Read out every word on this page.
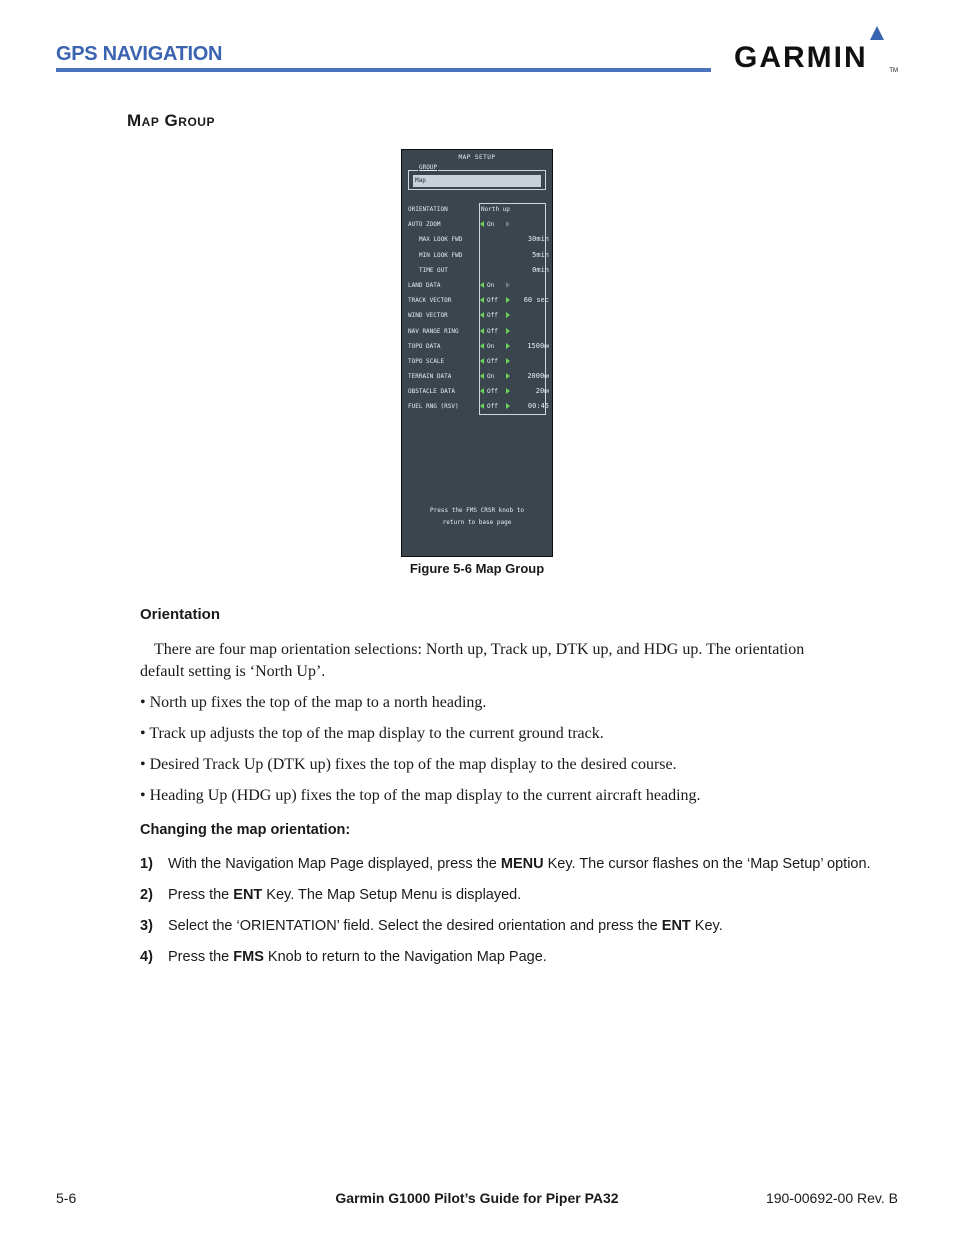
GPS NAVIGATION	GARMIN	TM
Map Group
MAP SETUP
GROUP
Map
ORIENTATION	North up
AUTO ZOOM	On
MAX LOOK FWD	30min
MIN LOOK FWD	5min
TIME OUT	0min
LAND DATA	On
TRACK VECTOR	Off	60 sec
WIND VECTOR	Off
NAV RANGE RING	Off
TOPO DATA	On	1500NM
TOPO SCALE	Off
TERRAIN DATA	On	2000NM
OBSTACLE DATA	Off	20NM
FUEL RNG (RSV)	Off	00:45
Press the FMS CRSR knob to
return to base page
Figure 5-6 Map Group
Orientation
There are four map orientation selections: North up, Track up, DTK up, and HDG up. The orientation default setting is ‘North Up’.
• North up fixes the top of the map to a north heading.
• Track up adjusts the top of the map display to the current ground track.
• Desired Track Up (DTK up) fixes the top of the map display to the desired course.
• Heading Up (HDG up) fixes the top of the map display to the current aircraft heading.
Changing the map orientation:
1) With the Navigation Map Page displayed, press the MENU Key. The cursor flashes on the ‘Map Setup’ option.
2) Press the ENT Key. The Map Setup Menu is displayed.
3) Select the ‘ORIENTATION’ field. Select the desired orientation and press the ENT Key.
4) Press the FMS Knob to return to the Navigation Map Page.
5-6	Garmin G1000 Pilot’s Guide for Piper PA32	190-00692-00 Rev. B
